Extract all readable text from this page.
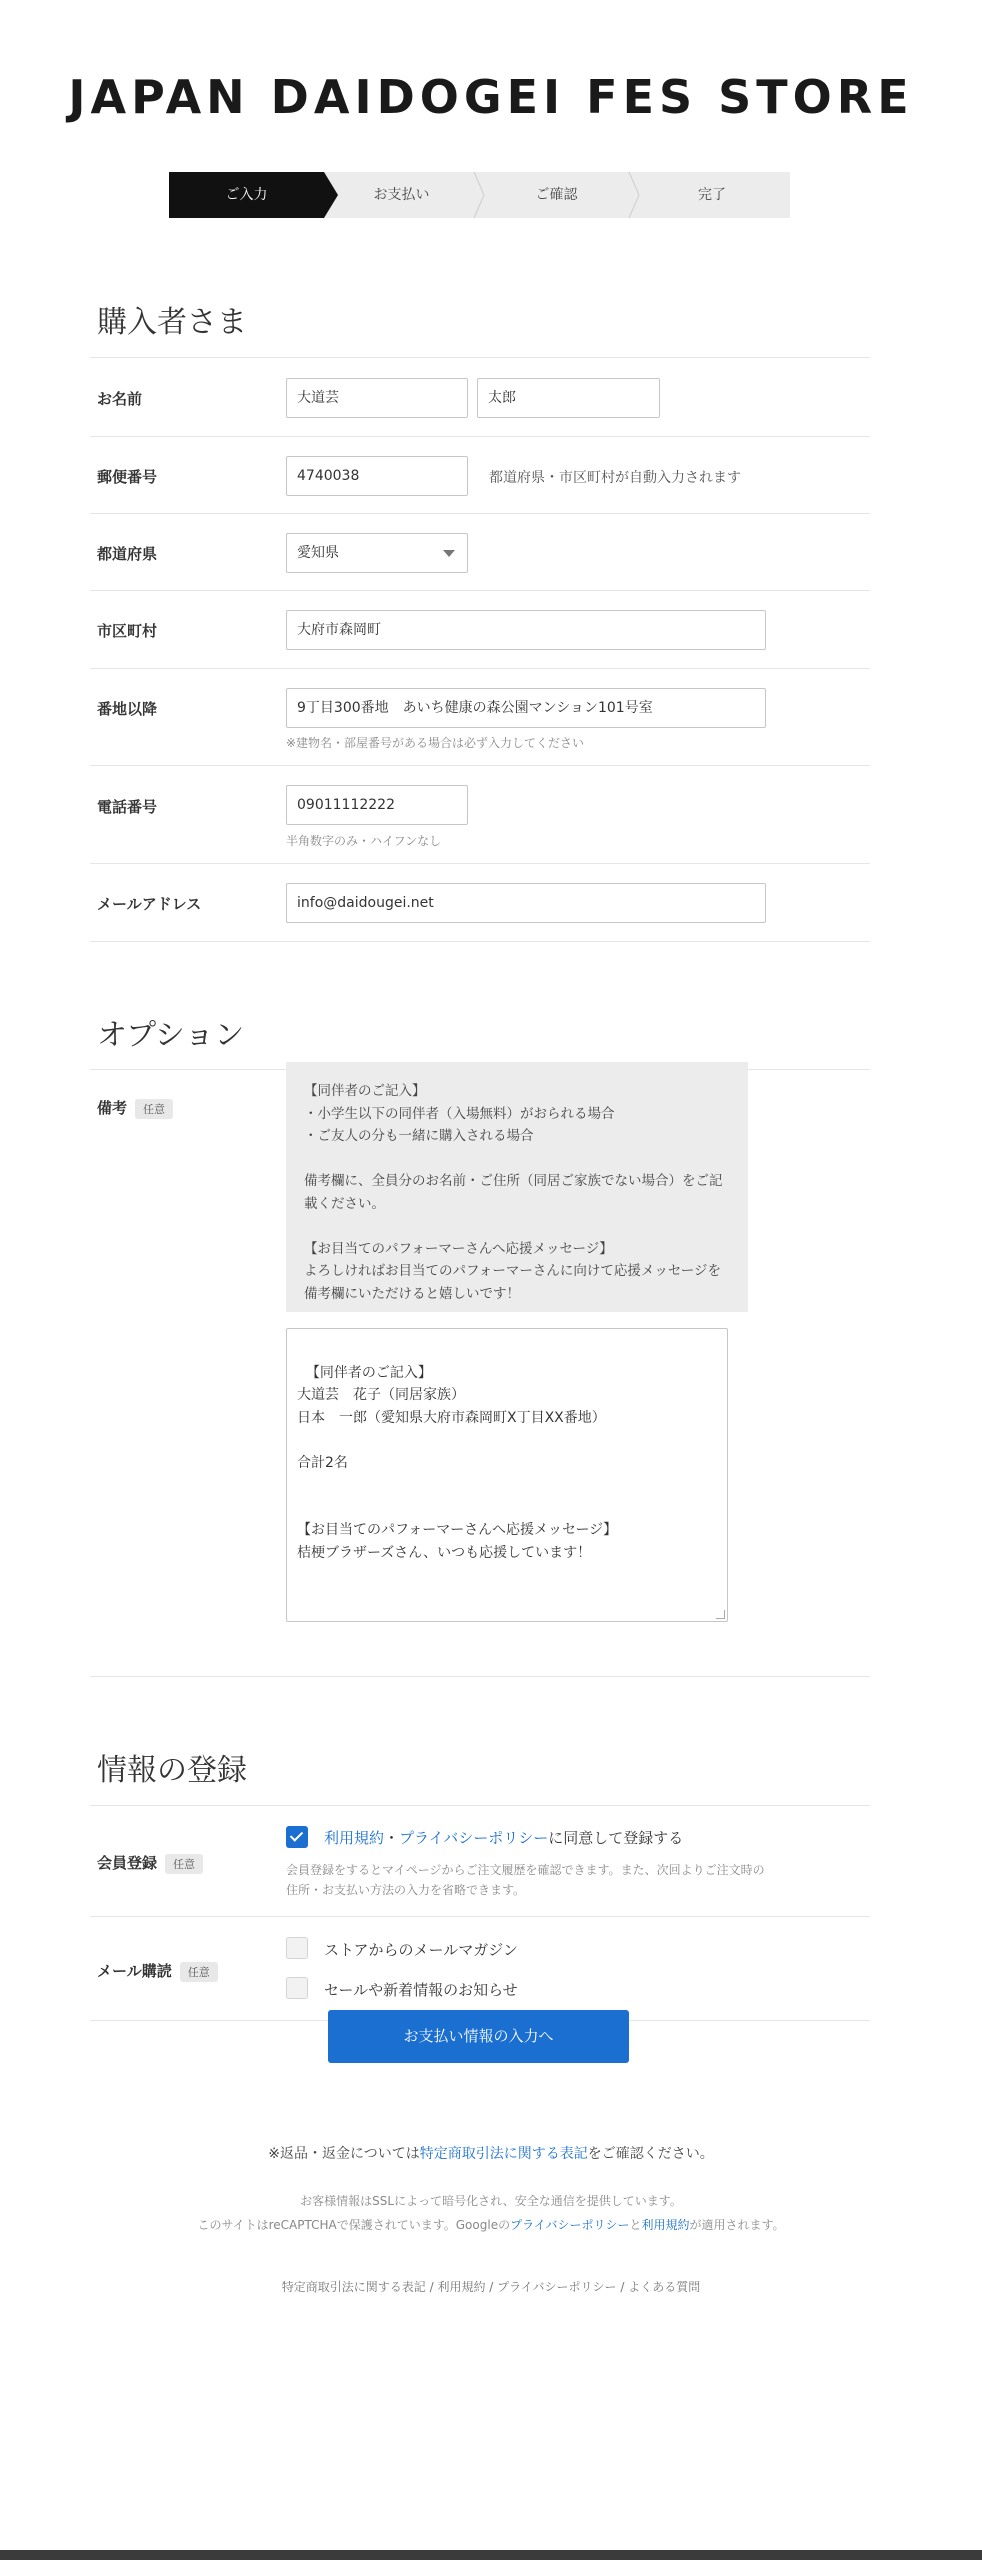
JAPAN DAIDOGEI FES STORE
お支払い	ご確認	完了
ご入力
購入者さま
お名前	大道芸	太郎
郵便番号	4740038	都道府県・市区町村が自動入力されます
都道府県	愛知県
市区町村	大府市森岡町
番地以降	9丁目300番地　あいち健康の森公園マンション101号室
※建物名・部屋番号がある場合は必ず入力してください
電話番号	09011112222
半角数字のみ・ハイフンなし
メールアドレス	info@daidougei.net
オプション
備考 任意
【同伴者のご記入】
・小学生以下の同伴者（入場無料）がおられる場合
・ご友人の分も一緒に購入される場合

備考欄に、全員分のお名前・ご住所（同居ご家族でない場合）をご記載ください。

【お目当てのパフォーマーさんへ応援メッセージ】
よろしければお目当てのパフォーマーさんに向けて応援メッセージを備考欄にいただけると嬉しいです！

【同伴者のご記入】
大道芸　花子（同居家族）
日本　一郎（愛知県大府市森岡町X丁目XX番地）

合計2名

【お目当てのパフォーマーさんへ応援メッセージ】
桔梗ブラザーズさん、いつも応援しています！

情報の登録
会員登録 任意
利用規約・プライバシーポリシーに同意して登録する
会員登録をするとマイページからご注文履歴を確認できます。また、次回よりご注文時の住所・お支払い方法の入力を省略できます。
メール購読 任意
ストアからのメールマガジン
セールや新着情報のお知らせ
お支払い情報の入力へ
※返品・返金については特定商取引法に関する表記をご確認ください。
お客様情報はSSLによって暗号化され、安全な通信を提供しています。
このサイトはreCAPTCHAで保護されています。Googleのプライバシーポリシーと利用規約が適用されます。
特定商取引法に関する表記 / 利用規約 / プライバシーポリシー / よくある質問
